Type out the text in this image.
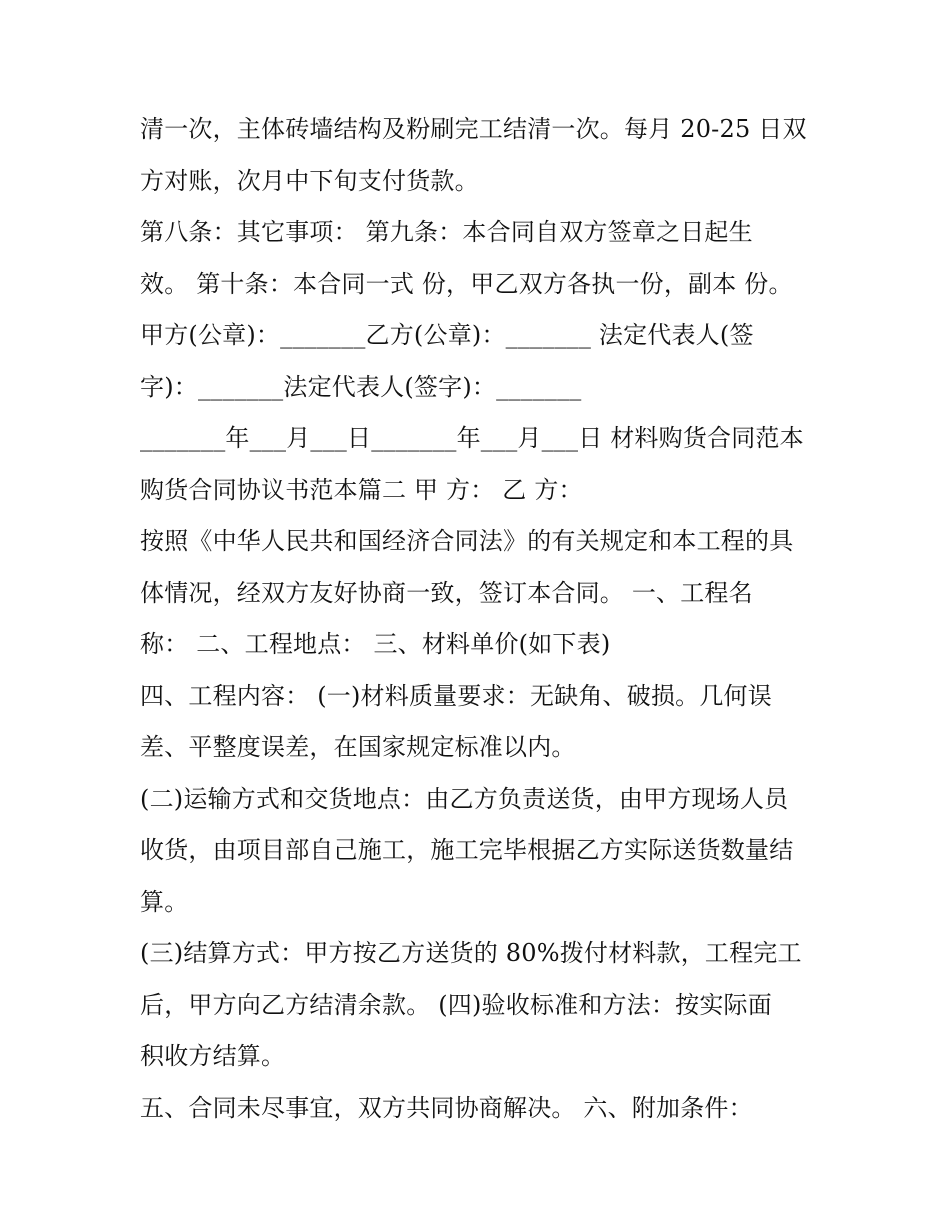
清一次，主体砖墙结构及粉刷完工结清一次。每月 20-25 日双
方对账，次月中下旬支付货款。
第八条：其它事项： 第九条：本合同自双方签章之日起生
效。 第十条：本合同一式 份，甲乙双方各执一份，副本 份。
甲方(公章)：_______乙方(公章)：_______ 法定代表人(签
字)：_______法定代表人(签字)：_______
_______年___月___日_______年___月___日 材料购货合同范本
购货合同协议书范本篇二 甲 方： 乙 方：
按照《中华人民共和国经济合同法》的有关规定和本工程的具
体情况，经双方友好协商一致，签订本合同。 一、工程名
称： 二、工程地点： 三、材料单价(如下表)
四、工程内容： (一)材料质量要求：无缺角、破损。几何误
差、平整度误差，在国家规定标准以内。
(二)运输方式和交货地点：由乙方负责送货，由甲方现场人员
收货，由项目部自己施工，施工完毕根据乙方实际送货数量结
算。
(三)结算方式：甲方按乙方送货的 80%拨付材料款，工程完工
后，甲方向乙方结清余款。 (四)验收标准和方法：按实际面
积收方结算。
五、合同未尽事宜，双方共同协商解决。 六、附加条件：
